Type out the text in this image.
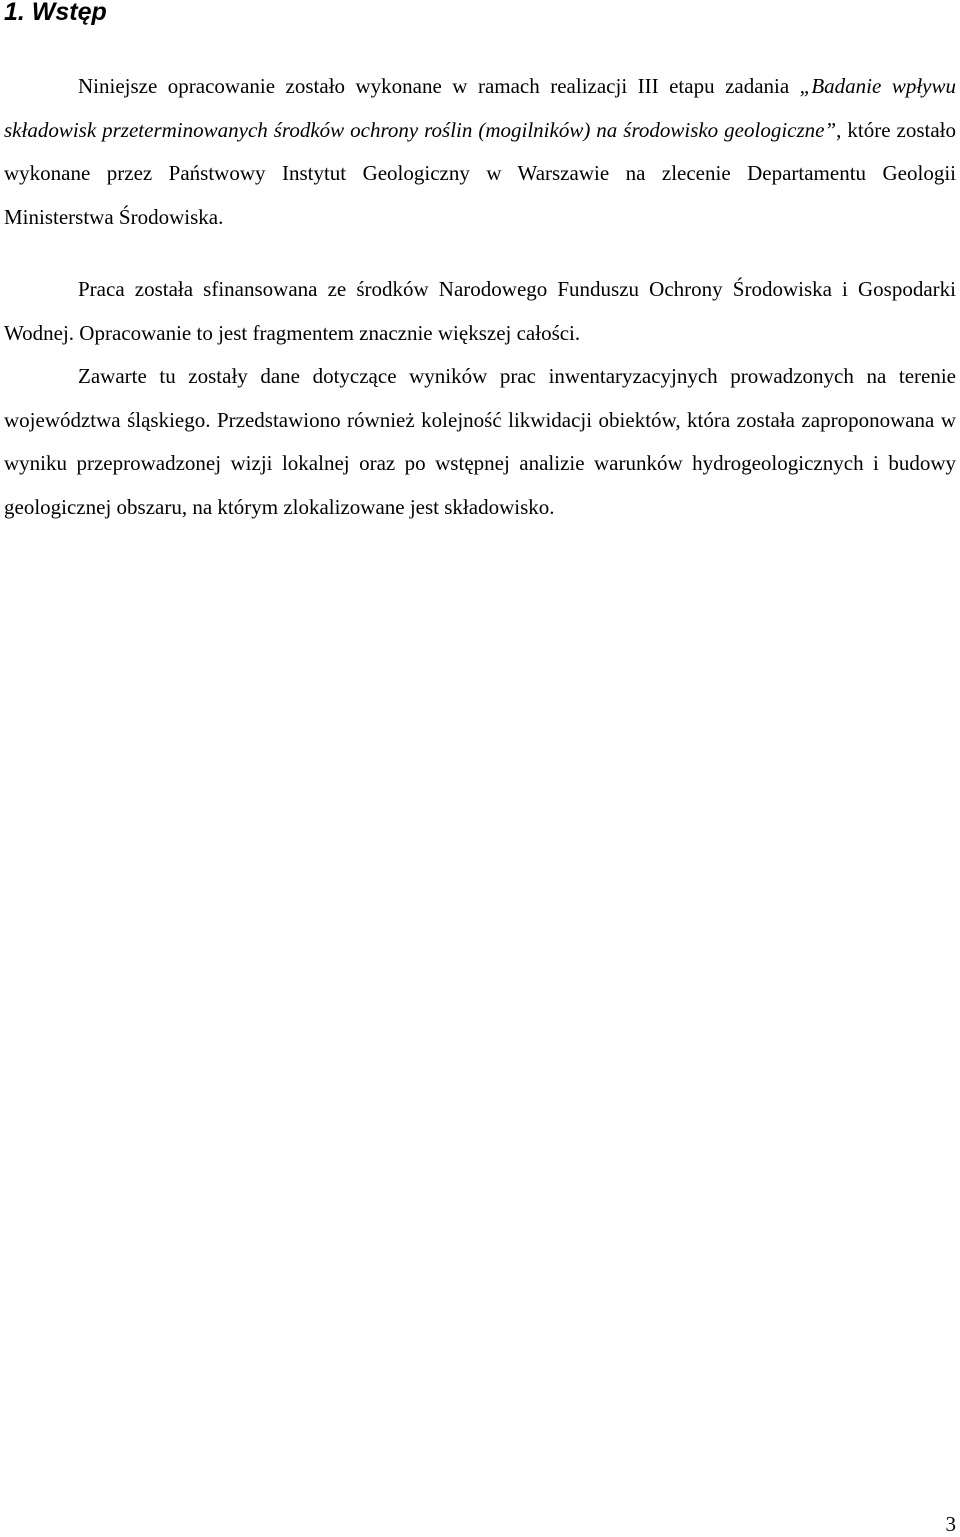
1. Wstęp

Niniejsze opracowanie zostało wykonane w ramach realizacji III etapu zadania „Badanie wpływu składowisk przeterminowanych środków ochrony roślin (mogilników) na środowisko geologiczne”, które zostało wykonane przez Państwowy Instytut Geologiczny w Warszawie na zlecenie Departamentu Geologii Ministerstwa Środowiska.

Praca została sfinansowana ze środków Narodowego Funduszu Ochrony Środowiska i Gospodarki Wodnej. Opracowanie to jest fragmentem znacznie większej całości.

Zawarte tu zostały dane dotyczące wyników prac inwentaryzacyjnych prowadzonych na terenie województwa śląskiego. Przedstawiono również kolejność likwidacji obiektów, która została zaproponowana w wyniku przeprowadzonej wizji lokalnej oraz po wstępnej analizie warunków hydrogeologicznych i budowy geologicznej obszaru, na którym zlokalizowane jest składowisko.

3
